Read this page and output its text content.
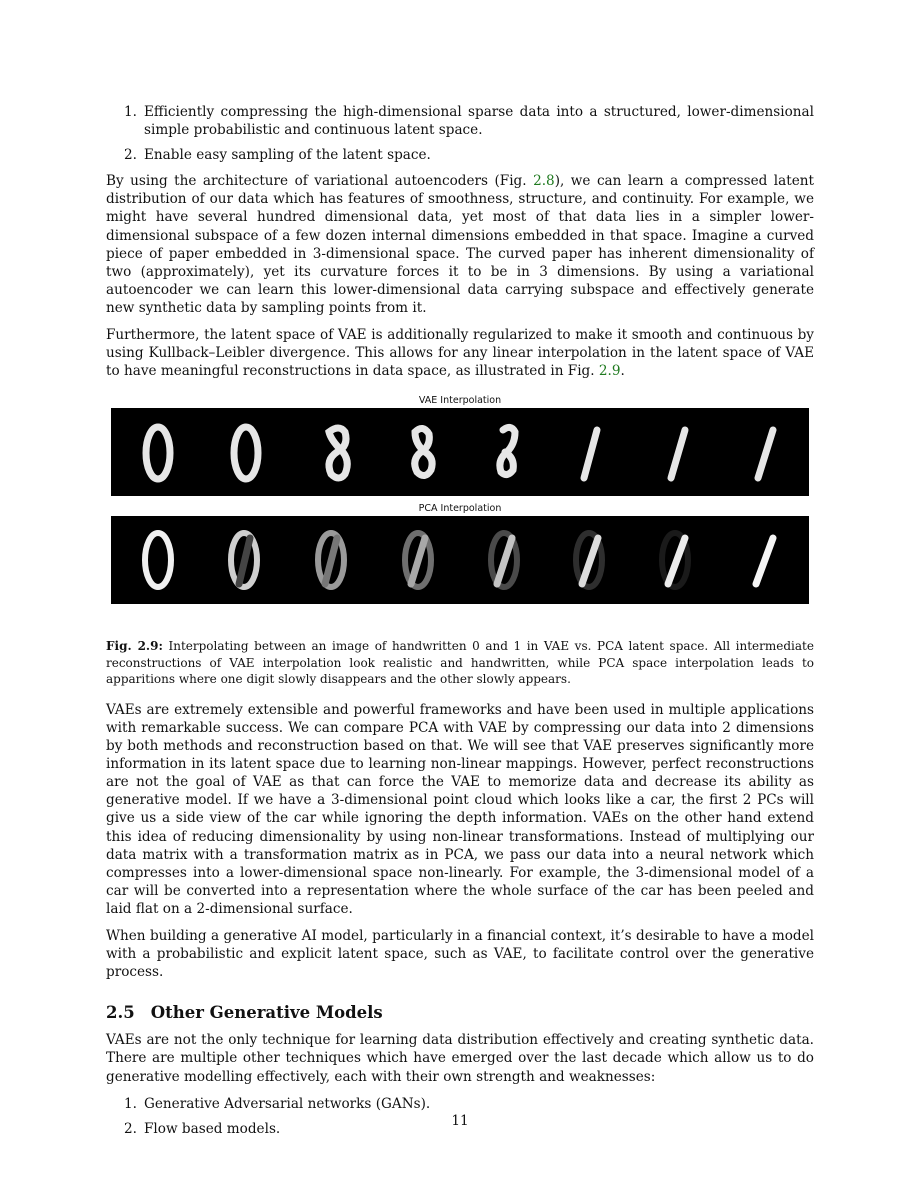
1. Efficiently compressing the high-dimensional sparse data into a structured, lower-dimensional simple probabilistic and continuous latent space.
2. Enable easy sampling of the latent space.

By using the architecture of variational autoencoders (Fig. 2.8), we can learn a compressed latent distribution of our data which has features of smoothness, structure, and continuity. For example, we might have several hundred dimensional data, yet most of that data lies in a simpler lower-dimensional subspace of a few dozen internal dimensions embedded in that space. Imagine a curved piece of paper embedded in 3-dimensional space. The curved paper has inherent dimensionality of two (approximately), yet its curvature forces it to be in 3 dimensions. By using a variational autoencoder we can learn this lower-dimensional data carrying subspace and effectively generate new synthetic data by sampling points from it.

Furthermore, the latent space of VAE is additionally regularized to make it smooth and continuous by using Kullback–Leibler divergence. This allows for any linear interpolation in the latent space of VAE to have meaningful reconstructions in data space, as illustrated in Fig. 2.9.

VAE Interpolation
PCA Interpolation

Fig. 2.9: Interpolating between an image of handwritten 0 and 1 in VAE vs. PCA latent space. All intermediate reconstructions of VAE interpolation look realistic and handwritten, while PCA space interpolation leads to apparitions where one digit slowly disappears and the other slowly appears.

VAEs are extremely extensible and powerful frameworks and have been used in multiple applications with remarkable success. We can compare PCA with VAE by compressing our data into 2 dimensions by both methods and reconstruction based on that. We will see that VAE preserves significantly more information in its latent space due to learning non-linear mappings. However, perfect reconstructions are not the goal of VAE as that can force the VAE to memorize data and decrease its ability as generative model. If we have a 3-dimensional point cloud which looks like a car, the first 2 PCs will give us a side view of the car while ignoring the depth information. VAEs on the other hand extend this idea of reducing dimensionality by using non-linear transformations. Instead of multiplying our data matrix with a transformation matrix as in PCA, we pass our data into a neural network which compresses into a lower-dimensional space non-linearly. For example, the 3-dimensional model of a car will be converted into a representation where the whole surface of the car has been peeled and laid flat on a 2-dimensional surface.

When building a generative AI model, particularly in a financial context, it’s desirable to have a model with a probabilistic and explicit latent space, such as VAE, to facilitate control over the generative process.

2.5 Other Generative Models

VAEs are not the only technique for learning data distribution effectively and creating synthetic data. There are multiple other techniques which have emerged over the last decade which allow us to do generative modelling effectively, each with their own strength and weaknesses:

1. Generative Adversarial networks (GANs).
2. Flow based models.	11
